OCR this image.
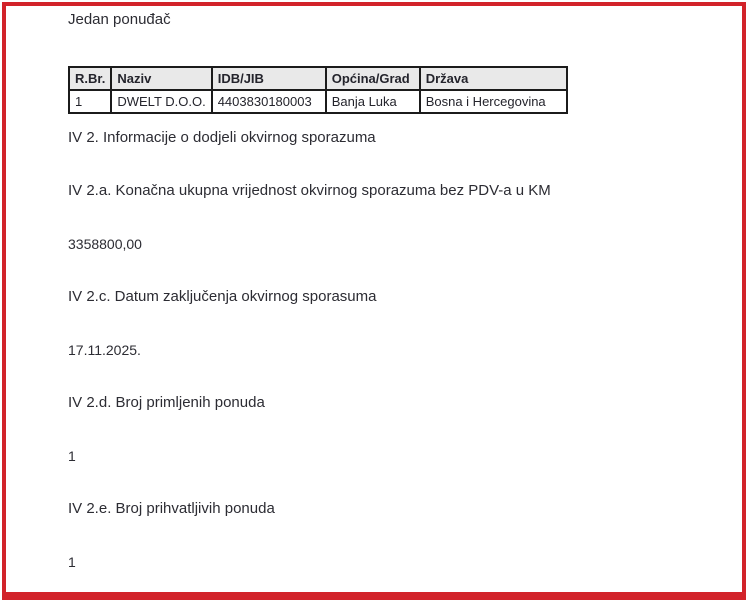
Jedan ponuđač

R.Br.	Naziv	IDB/JIB	Općina/Grad	Država
1	DWELT D.O.O.	4403830180003	Banja Luka	Bosna i Hercegovina

IV 2. Informacije o dodjeli okvirnog sporazuma

IV 2.a. Konačna ukupna vrijednost okvirnog sporazuma bez PDV-a u KM

3358800,00

IV 2.c. Datum zaključenja okvirnog sporasuma

17.11.2025.

IV 2.d. Broj primljenih ponuda

1

IV 2.e. Broj prihvatljivih ponuda

1
